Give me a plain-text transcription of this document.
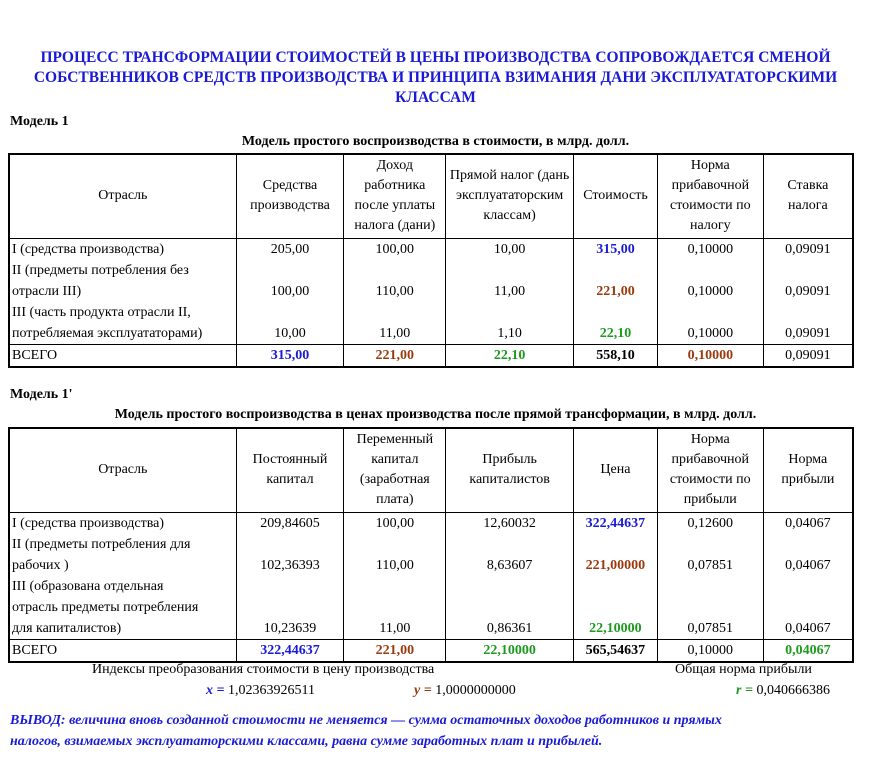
ПРОЦЕСС ТРАНСФОРМАЦИИ СТОИМОСТЕЙ В ЦЕНЫ ПРОИЗВОДСТВА СОПРОВОЖДАЕТСЯ СМЕНОЙ СОБСТВЕННИКОВ СРЕДСТВ ПРОИЗВОДСТВА И ПРИНЦИПА ВЗИМАНИЯ ДАНИ ЭКСПЛУАТАТОРСКИМИ КЛАССАМ
Модель 1
Модель простого воспроизводства в стоимости, в млрд. долл.
Отрасль	Средства производства	Доход работника после уплаты налога (дани)	Прямой налог (дань эксплуататорским классам)	Стоимость	Норма прибавочной стоимости по налогу	Ставка налога
I (средства производства)	205,00	100,00	10,00	315,00	0,10000	0,09091

II (предметы потребления без
отрасли III)	100,00	110,00	11,00	221,00	0,10000	0,09091

III (часть продукта отрасли II,
потребляемая эксплуататорами)	10,00	11,00	1,10	22,10	0,10000	0,09091
ВСЕГО	315,00	221,00	22,10	558,10	0,10000	0,09091
Модель 1'
Модель простого воспроизводства в ценах производства после прямой трансформации, в млрд. долл.
Отрасль	Постоянный капитал	Переменный капитал (заработная плата)	Прибыль капиталистов	Цена	Норма прибавочной стоимости по прибыли	Норма прибыли
I (средства производства)	209,84605	100,00	12,60032	322,44637	0,12600	0,04067

II (предметы потребления для
рабочих )	102,36393	110,00	8,63607	221,00000	0,07851	0,04067

III (образована отдельная
отрасль предметы потребления
для капиталистов)	10,23639	11,00	0,86361	22,10000	0,07851	0,04067
ВСЕГО	322,44637	221,00	22,10000	565,54637	0,10000	0,04067
Индексы преобразования стоимости в цену производства	Общая норма прибыли
x = 1,02363926511	y = 1,0000000000	r = 0,040666386
ВЫВОД: величина вновь созданной стоимости не меняется — сумма остаточных доходов работников и прямых
налогов, взимаемых эксплуататорскими классами, равна сумме заработных плат и прибылей.
